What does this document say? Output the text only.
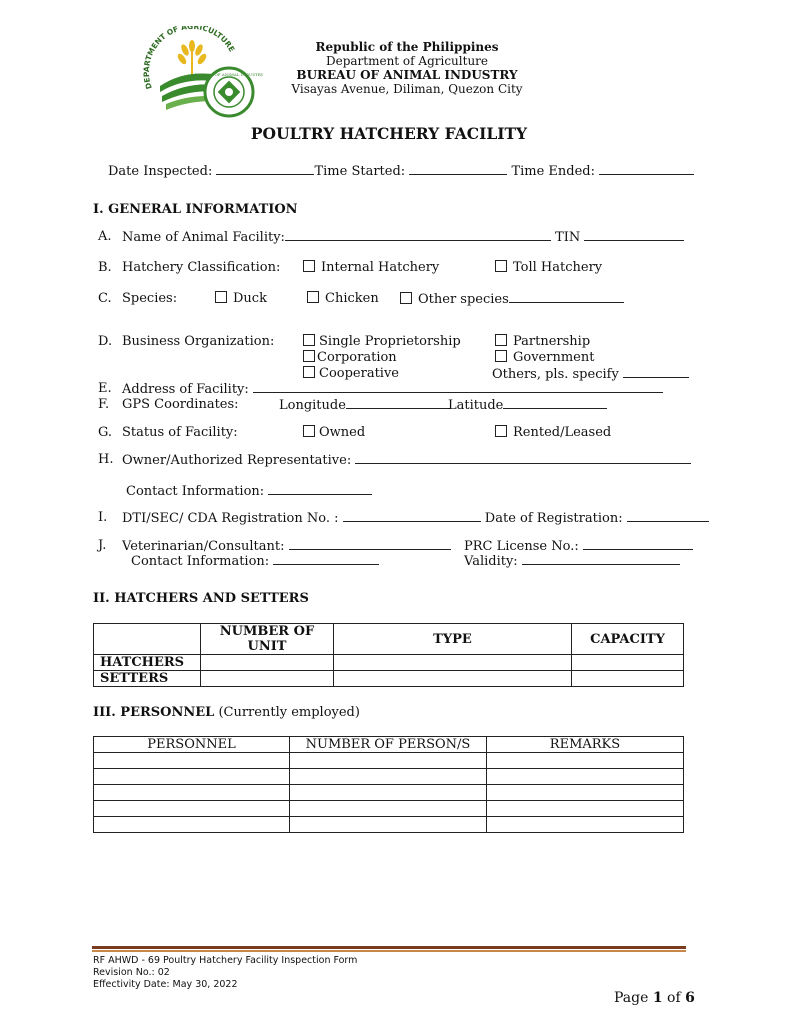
DEPARTMENT OF AGRICULTURE
BUREAU OF ANIMAL INDUSTRY
Republic of the Philippines
Department of Agriculture
BUREAU OF ANIMAL INDUSTRY
Visayas Avenue, Diliman, Quezon City
POULTRY HATCHERY FACILITY
Date Inspected:	Time Started:	Time Ended:
I. GENERAL INFORMATION
A. Name of Animal Facility:	TIN
B. Hatchery Classification:	Internal Hatchery	Toll Hatchery
C. Species:	Duck	Chicken	Other species
D. Business Organization:	Single Proprietorship	Partnership
Corporation	Government
Cooperative	Others, pls. specify
E. Address of Facility:
F. GPS Coordinates:	Longitude	Latitude
G. Status of Facility:	Owned	Rented/Leased
H. Owner/Authorized Representative:
Contact Information:
I. DTI/SEC/ CDA Registration No. :	Date of Registration:
J. Veterinarian/Consultant:	PRC License No.:
Contact Information:	Validity:
II. HATCHERS AND SETTERS
	NUMBER OF UNIT	TYPE	CAPACITY
HATCHERS			
SETTERS			
III. PERSONNEL (Currently employed)
PERSONNEL	NUMBER OF PERSON/S	REMARKS

RF AHWD - 69 Poultry Hatchery Facility Inspection Form
Revision No.: 02
Effectivity Date: May 30, 2022
Page 1 of 6
